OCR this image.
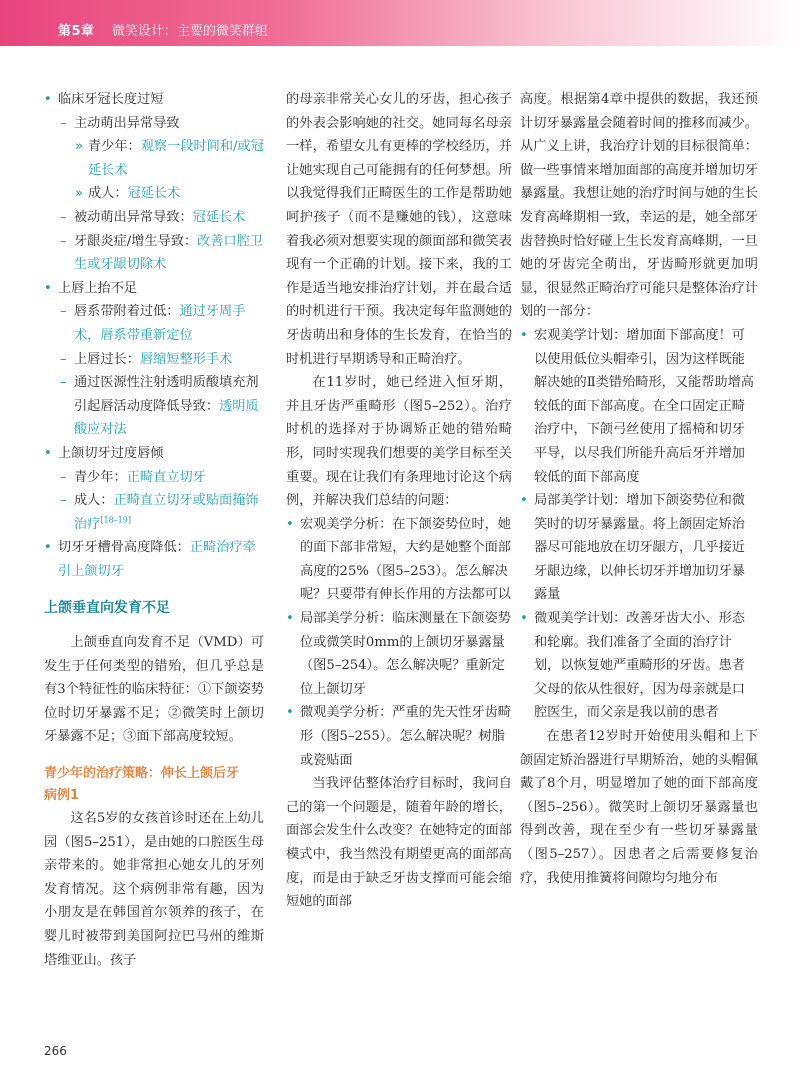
第5章 微笑设计：主要的微笑群组
• 临床牙冠长度过短
– 主动萌出异常导致
» 青少年：观察一段时间和/或冠延长术
» 成人：冠延长术
– 被动萌出异常导致：冠延长术
– 牙龈炎症/增生导致：改善口腔卫生或牙龈切除术
• 上唇上抬不足
– 唇系带附着过低：通过牙周手术，唇系带重新定位
– 上唇过长：唇缩短整形手术
– 通过医源性注射透明质酸填充剂引起唇活动度降低导致：透明质酸应对法
• 上颌切牙过度唇倾
– 青少年：正畸直立切牙
– 成人：正畸直立切牙或贴面掩饰治疗[18–19]
• 切牙牙槽骨高度降低：正畸治疗牵引上颌切牙
上颌垂直向发育不足

上颌垂直向发育不足（VMD）可发生于任何类型的错殆，但几乎总是有3个特征性的临床特征：①下颌姿势位时切牙暴露不足；②微笑时上颌切牙暴露不足；③面下部高度较短。

青少年的治疗策略：伸长上颌后牙
病例1

这名5岁的女孩首诊时还在上幼儿园（图5–251），是由她的口腔医生母亲带来的。她非常担心她女儿的牙列发育情况。这个病例非常有趣，因为小朋友是在韩国首尔领养的孩子，在婴儿时被带到美国阿拉巴马州的维斯塔维亚山。孩子

的母亲非常关心女儿的牙齿，担心孩子的外表会影响她的社交。她同每名母亲一样，希望女儿有更棒的学校经历，并让她实现自己可能拥有的任何梦想。所以我觉得我们正畸医生的工作是帮助她呵护孩子（而不是赚她的钱），这意味着我必须对想要实现的颜面部和微笑表现有一个正确的计划。接下来，我的工作是适当地安排治疗计划，并在最合适的时机进行干预。我决定每年监测她的牙齿萌出和身体的生长发育，在恰当的时机进行早期诱导和正畸治疗。

在11岁时，她已经进入恒牙期，并且牙齿严重畸形（图5–252）。治疗时机的选择对于协调矫正她的错殆畸形，同时实现我们想要的美学目标至关重要。现在让我们有条理地讨论这个病例，并解决我们总结的问题：

• 宏观美学分析：在下颌姿势位时，她的面下部非常短，大约是她整个面部高度的25%（图5–253）。怎么解决呢？只要带有伸长作用的方法都可以
• 局部美学分析：临床测量在下颌姿势位或微笑时0mm的上颌切牙暴露量（图5–254）。怎么解决呢？重新定位上颌切牙
• 微观美学分析：严重的先天性牙齿畸形（图5–255）。怎么解决呢？树脂或瓷贴面

当我评估整体治疗目标时，我问自己的第一个问题是，随着年龄的增长，面部会发生什么改变？在她特定的面部模式中，我当然没有期望更高的面部高度，而是由于缺乏牙齿支撑而可能会缩短她的面部

高度。根据第4章中提供的数据，我还预计切牙暴露量会随着时间的推移而减少。从广义上讲，我治疗计划的目标很简单：做一些事情来增加面部的高度并增加切牙暴露量。我想让她的治疗时间与她的生长发育高峰期相一致，幸运的是，她全部牙齿替换时恰好碰上生长发育高峰期，一旦她的牙齿完全萌出，牙齿畸形就更加明显，很显然正畸治疗可能只是整体治疗计划的一部分：

• 宏观美学计划：增加面下部高度！可以使用低位头帽牵引，因为这样既能解决她的Ⅱ类错殆畸形，又能帮助增高较低的面下部高度。在全口固定正畸治疗中，下颌弓丝使用了摇椅和切牙平导，以尽我们所能升高后牙并增加较低的面下部高度
• 局部美学计划：增加下颌姿势位和微笑时的切牙暴露量。将上颌固定矫治器尽可能地放在切牙龈方，几乎接近牙龈边缘，以伸长切牙并增加切牙暴露量
• 微观美学计划：改善牙齿大小、形态和轮廓。我们准备了全面的治疗计划，以恢复她严重畸形的牙齿。患者父母的依从性很好，因为母亲就是口腔医生，而父亲是我以前的患者

在患者12岁时开始使用头帽和上下颌固定矫治器进行早期矫治，她的头帽佩戴了8个月，明显增加了她的面下部高度（图5–256）。微笑时上颌切牙暴露量也得到改善，现在至少有一些切牙暴露量（图5–257）。因患者之后需要修复治疗，我使用推簧将间隙均匀地分布

266
